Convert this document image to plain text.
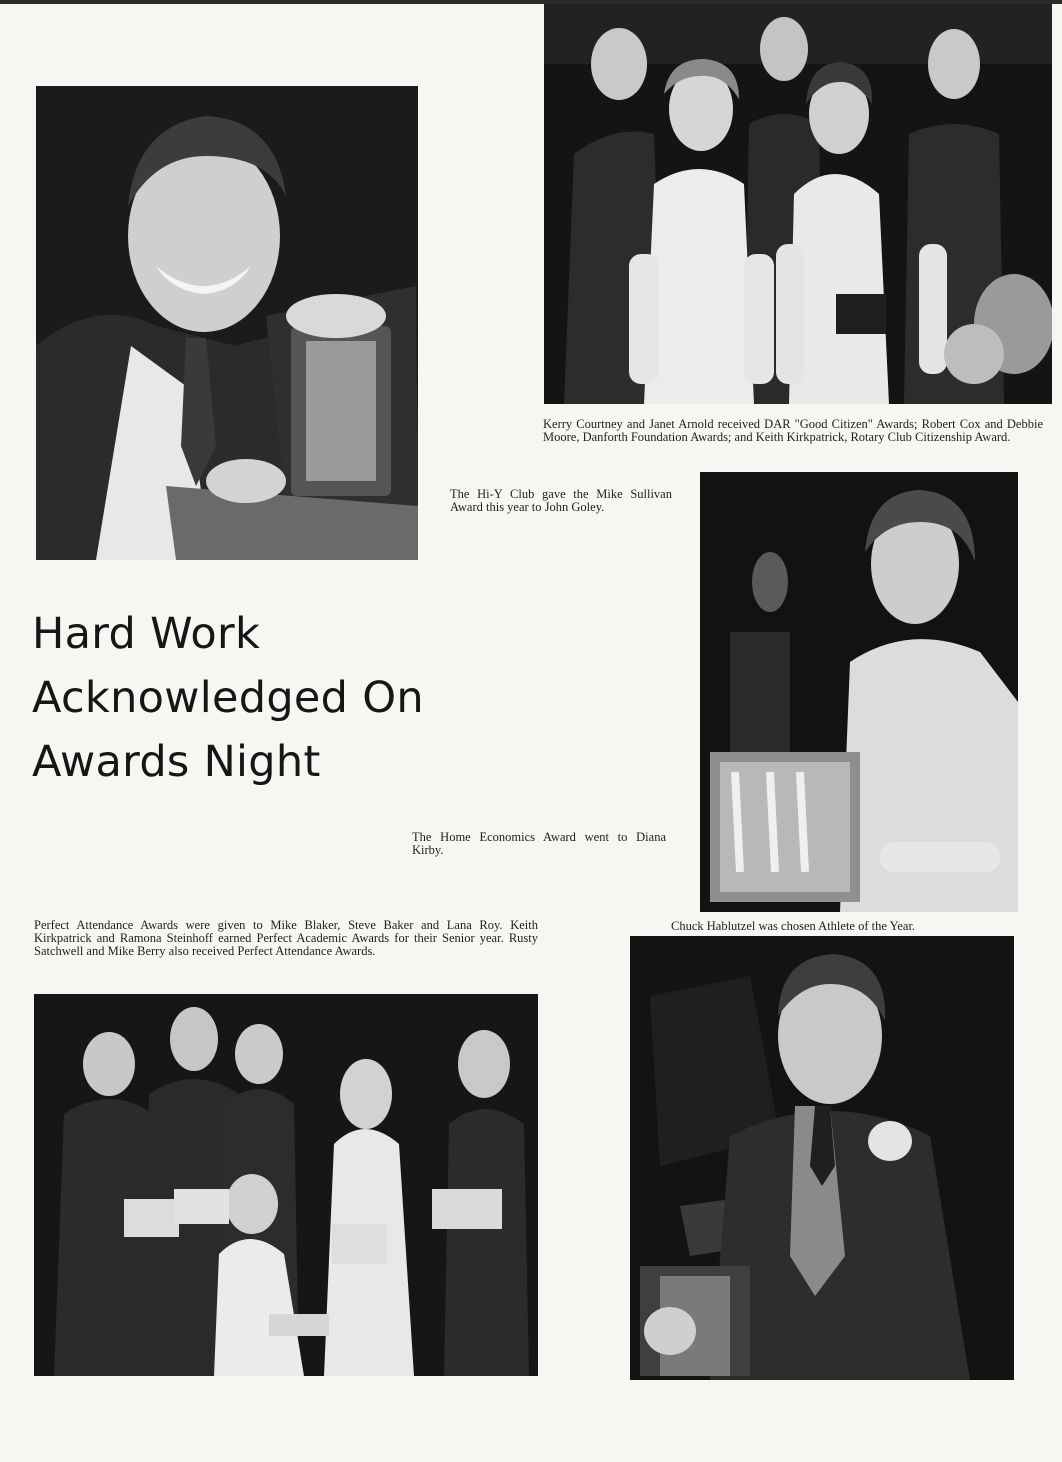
Kerry Courtney and Janet Arnold received DAR "Good Citizen" Awards; Robert Cox and Debbie Moore, Danforth Foundation Awards; and Keith Kirkpatrick, Rotary Club Citizenship Award.

The Hi-Y Club gave the Mike Sullivan Award this year to John Goley.

Hard Work
Acknowledged On
Awards Night

The Home Economics Award went to Diana Kirby.

Perfect Attendance Awards were given to Mike Blaker, Steve Baker and Lana Roy. Keith Kirkpatrick and Ramona Steinhoff earned Perfect Academic Awards for their Senior year. Rusty Satchwell and Mike Berry also received Perfect Attendance Awards.

Chuck Hablutzel was chosen Athlete of the Year.
